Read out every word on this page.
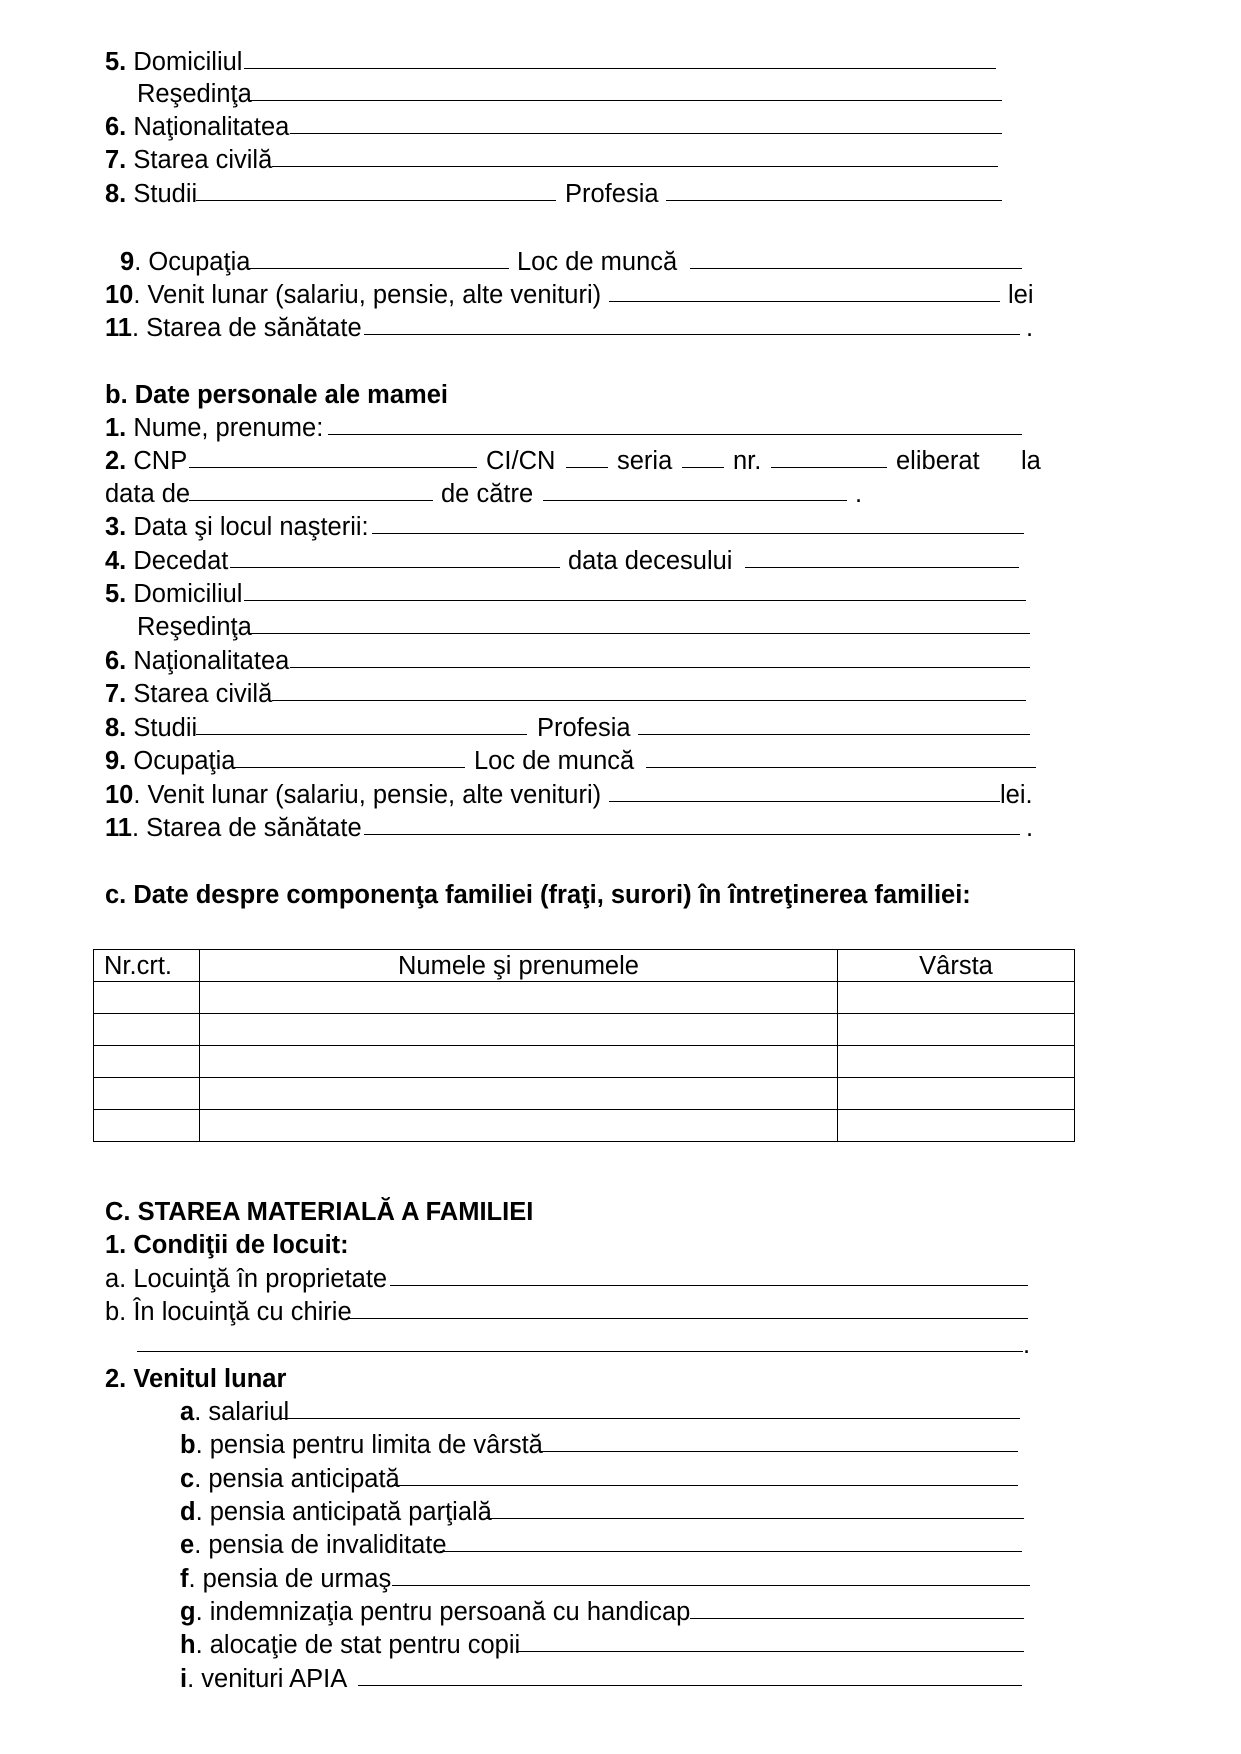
5. Domiciliul
Reşedinţa
6. Naţionalitatea
7. Starea civilă
8. Studii	Profesia
9. Ocupaţia	Loc de muncă
10. Venit lunar (salariu, pensie, alte venituri)	lei
11. Starea de sănătate	.
b. Date personale ale mamei
1. Nume, prenume:
2. CNP	CI/CN seria nr.	eliberat la
data de	de către	.
3. Data şi locul naşterii:
4. Decedat	data decesului
5. Domiciliul
Reşedinţa
6. Naţionalitatea
7. Starea civilă
8. Studii	Profesia
9. Ocupaţia	Loc de muncă
10. Venit lunar (salariu, pensie, alte venituri)	lei.
11. Starea de sănătate	.
c. Date despre componenţa familiei (fraţi, surori) în întreţinerea familiei:
Nr.crt.	Numele şi prenumele	Vârsta

C. STAREA MATERIALĂ A FAMILIEI
1. Condiţii de locuit:
a. Locuinţă în proprietate
b. În locuinţă cu chirie
.
2. Venitul lunar
a. salariul
b. pensia pentru limita de vârstă
c. pensia anticipată
d. pensia anticipată parţială
e. pensia de invaliditate
f. pensia de urmaş
g. indemnizaţia pentru persoană cu handicap
h. alocaţie de stat pentru copii
i. venituri APIA
